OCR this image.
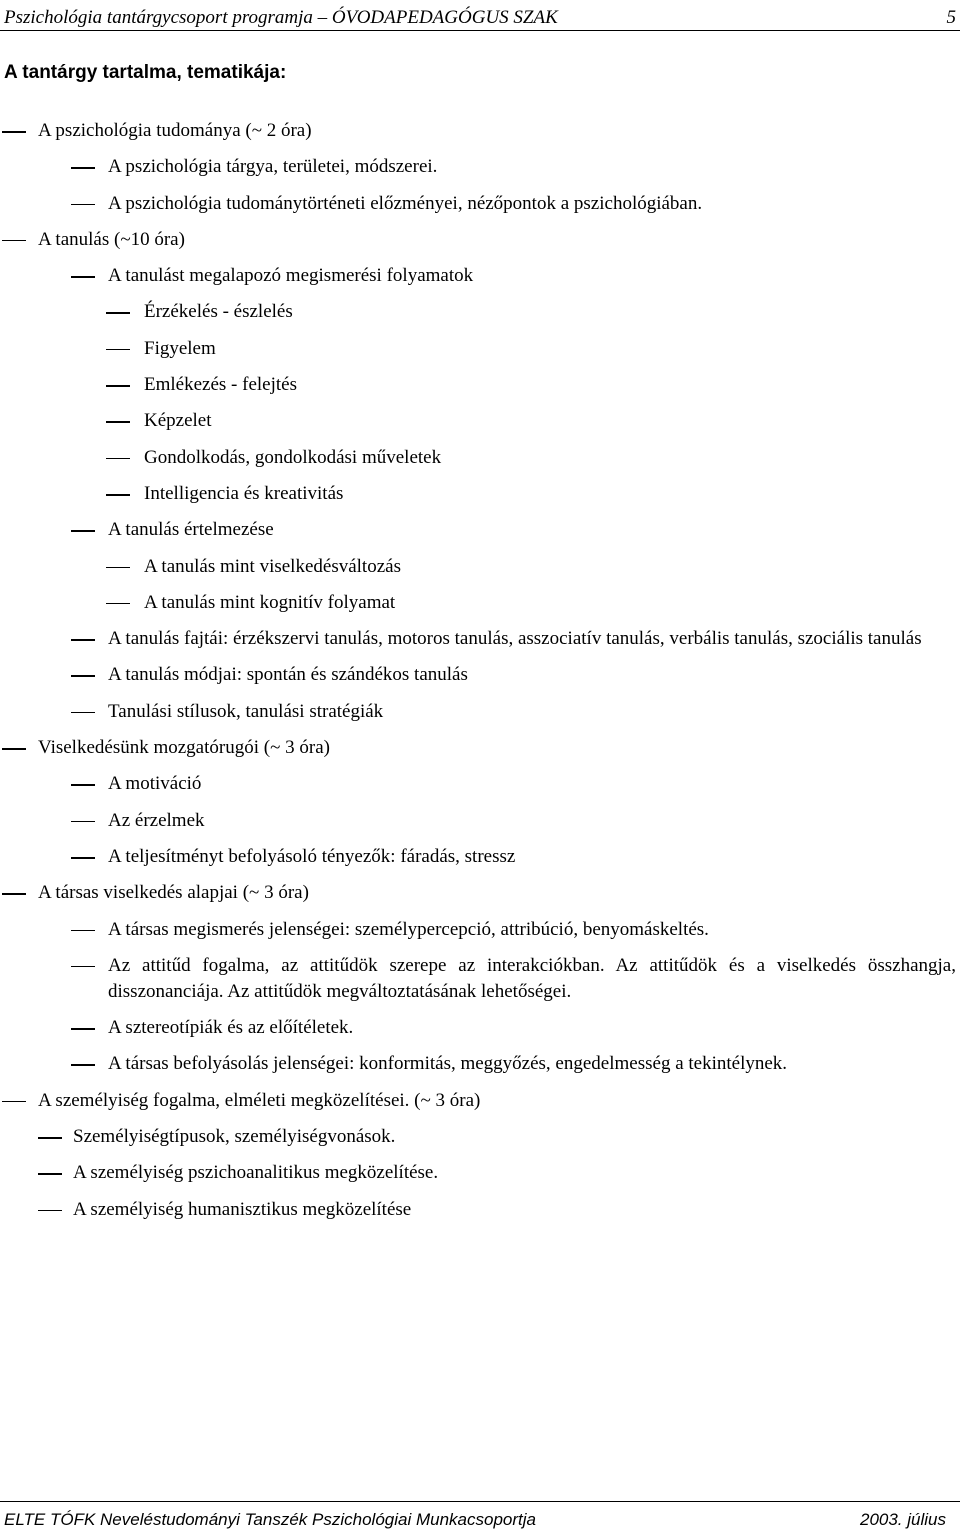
Pszichológia tantárgycsoport programja – ÓVODAPEDAGÓGUS SZAK	5
A tantárgy tartalma, tematikája:
A pszichológia tudománya (~ 2 óra)
A pszichológia tárgya, területei, módszerei.
A pszichológia tudománytörténeti előzményei, nézőpontok a pszichológiában.
A tanulás (~10 óra)
A tanulást megalapozó megismerési folyamatok
Érzékelés - észlelés
Figyelem
Emlékezés - felejtés
Képzelet
Gondolkodás, gondolkodási műveletek
Intelligencia és kreativitás
A tanulás értelmezése
A tanulás mint viselkedésváltozás
A tanulás mint kognitív folyamat
A tanulás fajtái: érzékszervi tanulás, motoros tanulás, asszociatív tanulás, verbális tanulás, szociális tanulás
A tanulás módjai: spontán és szándékos tanulás
Tanulási stílusok, tanulási stratégiák
Viselkedésünk mozgatórugói (~ 3 óra)
A motiváció
Az érzelmek
A teljesítményt befolyásoló tényezők: fáradás, stressz
A társas viselkedés alapjai (~ 3 óra)
A társas megismerés jelenségei: személypercepció, attribúció, benyomáskeltés.
Az attitűd fogalma, az attitűdök szerepe az interakciókban. Az attitűdök és a viselkedés összhangja, disszonanciája. Az attitűdök megváltoztatásának lehetőségei.
A sztereotípiák és az előítéletek.
A társas befolyásolás jelenségei: konformitás, meggyőzés, engedelmesség a tekintélynek.
A személyiség fogalma, elméleti megközelítései. (~ 3 óra)
Személyiségtípusok, személyiségvonások.
A személyiség pszichoanalitikus megközelítése.
A személyiség humanisztikus megközelítése
ELTE TÓFK Neveléstudományi Tanszék Pszichológiai Munkacsoportja	2003. július
